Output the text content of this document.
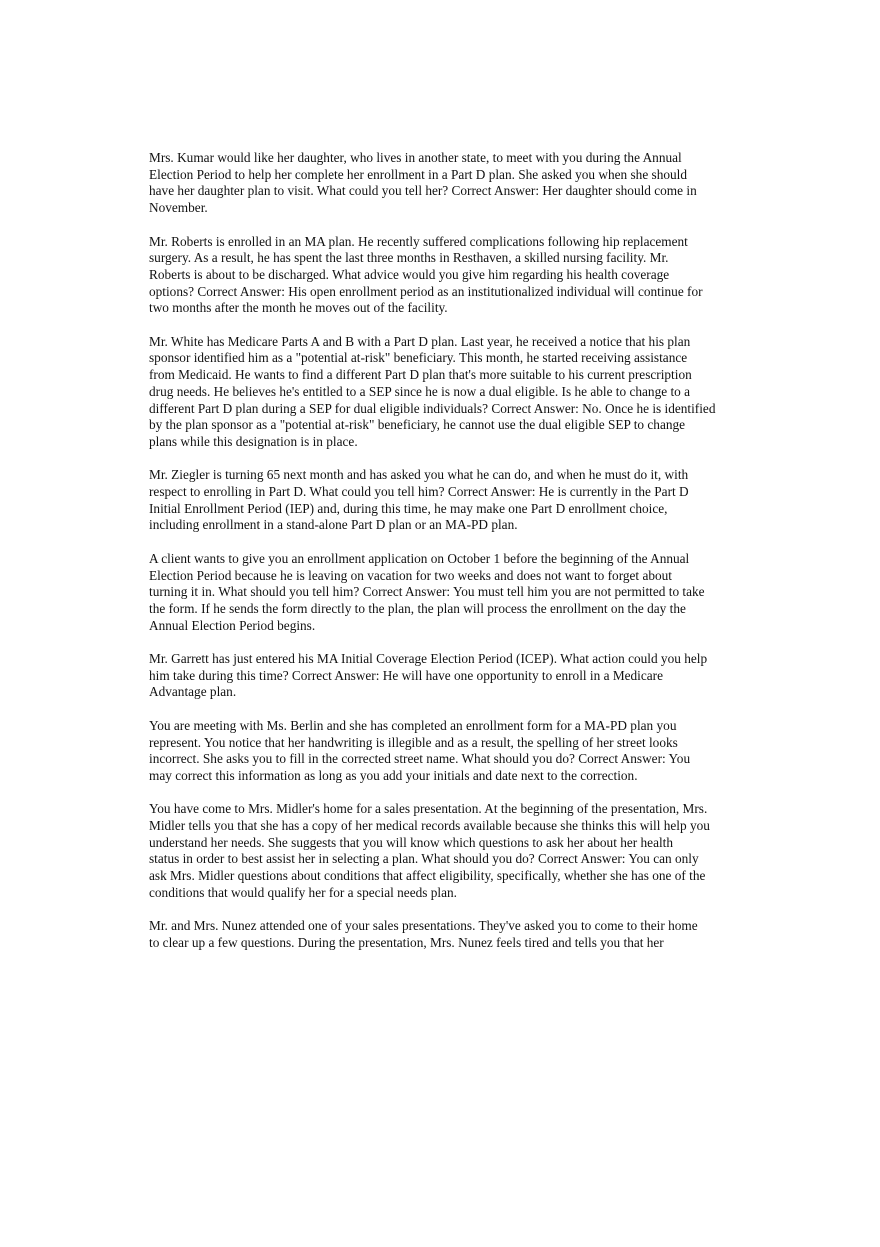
Mrs. Kumar would like her daughter, who lives in another state, to meet with you during the Annual
Election Period to help her complete her enrollment in a Part D plan. She asked you when she should
have her daughter plan to visit. What could you tell her? Correct Answer: Her daughter should come in
November.
Mr. Roberts is enrolled in an MA plan. He recently suffered complications following hip replacement
surgery. As a result, he has spent the last three months in Resthaven, a skilled nursing facility. Mr.
Roberts is about to be discharged. What advice would you give him regarding his health coverage
options? Correct Answer: His open enrollment period as an institutionalized individual will continue for
two months after the month he moves out of the facility.
Mr. White has Medicare Parts A and B with a Part D plan. Last year, he received a notice that his plan
sponsor identified him as a "potential at-risk" beneficiary. This month, he started receiving assistance
from Medicaid. He wants to find a different Part D plan that's more suitable to his current prescription
drug needs. He believes he's entitled to a SEP since he is now a dual eligible. Is he able to change to a
different Part D plan during a SEP for dual eligible individuals? Correct Answer: No. Once he is identified
by the plan sponsor as a "potential at-risk" beneficiary, he cannot use the dual eligible SEP to change
plans while this designation is in place.
Mr. Ziegler is turning 65 next month and has asked you what he can do, and when he must do it, with
respect to enrolling in Part D. What could you tell him? Correct Answer: He is currently in the Part D
Initial Enrollment Period (IEP) and, during this time, he may make one Part D enrollment choice,
including enrollment in a stand-alone Part D plan or an MA-PD plan.
A client wants to give you an enrollment application on October 1 before the beginning of the Annual
Election Period because he is leaving on vacation for two weeks and does not want to forget about
turning it in. What should you tell him? Correct Answer: You must tell him you are not permitted to take
the form. If he sends the form directly to the plan, the plan will process the enrollment on the day the
Annual Election Period begins.
Mr. Garrett has just entered his MA Initial Coverage Election Period (ICEP). What action could you help
him take during this time? Correct Answer: He will have one opportunity to enroll in a Medicare
Advantage plan.
You are meeting with Ms. Berlin and she has completed an enrollment form for a MA-PD plan you
represent. You notice that her handwriting is illegible and as a result, the spelling of her street looks
incorrect. She asks you to fill in the corrected street name. What should you do? Correct Answer: You
may correct this information as long as you add your initials and date next to the correction.
You have come to Mrs. Midler's home for a sales presentation. At the beginning of the presentation, Mrs.
Midler tells you that she has a copy of her medical records available because she thinks this will help you
understand her needs. She suggests that you will know which questions to ask her about her health
status in order to best assist her in selecting a plan. What should you do? Correct Answer: You can only
ask Mrs. Midler questions about conditions that affect eligibility, specifically, whether she has one of the
conditions that would qualify her for a special needs plan.
Mr. and Mrs. Nunez attended one of your sales presentations. They've asked you to come to their home
to clear up a few questions. During the presentation, Mrs. Nunez feels tired and tells you that her
